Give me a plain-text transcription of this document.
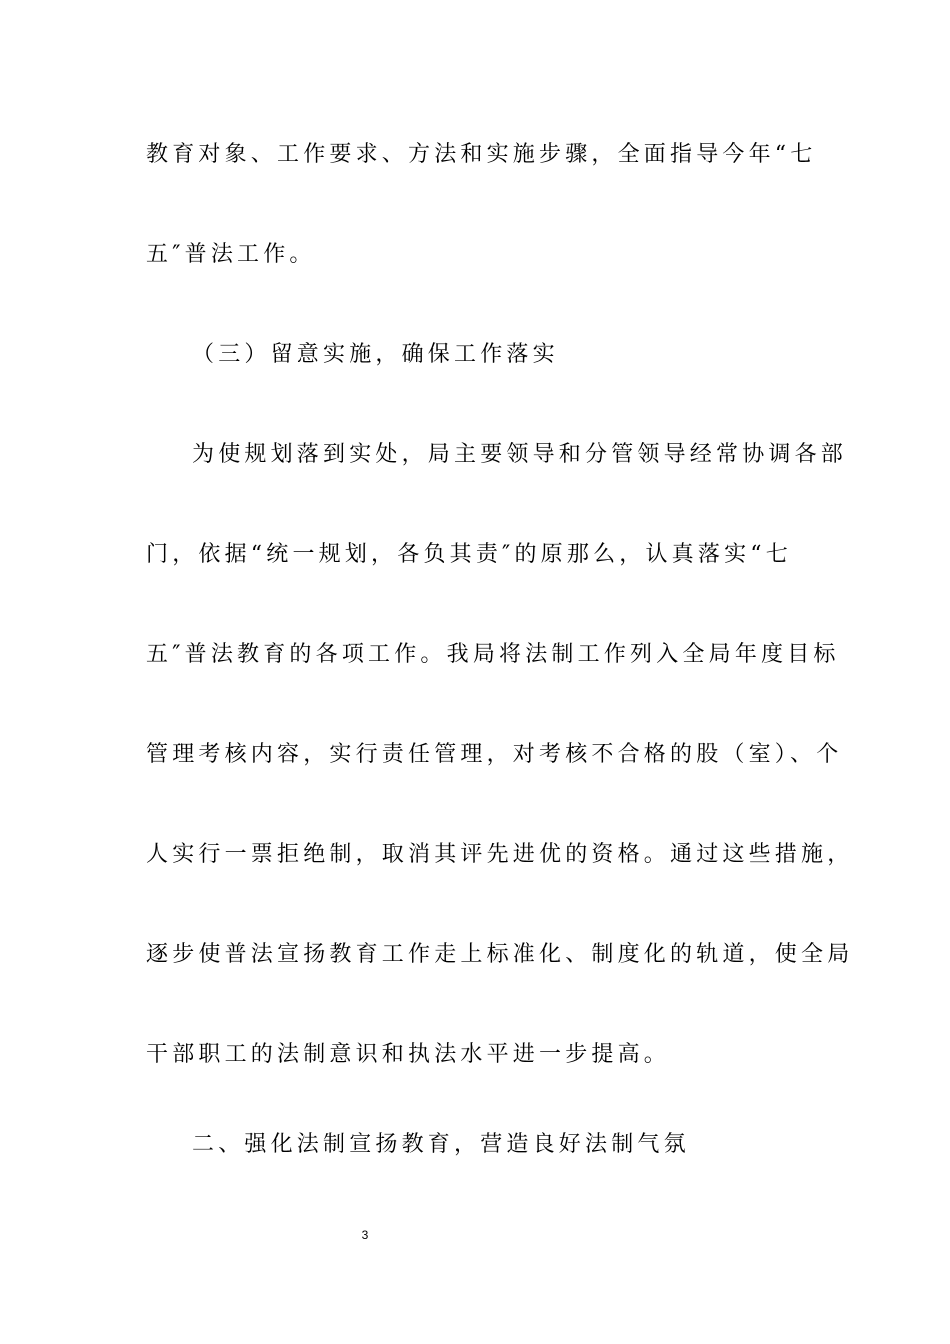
教育对象、工作要求、方法和实施步骤，全面指导今年“七
五″普法工作。
（三）留意实施，确保工作落实
为使规划落到实处，局主要领导和分管领导经常协调各部
门，依据“统一规划，各负其责″的原那么，认真落实“七
五″普法教育的各项工作。我局将法制工作列入全局年度目标
管理考核内容，实行责任管理，对考核不合格的股（室）、个
人实行一票拒绝制，取消其评先进优的资格。通过这些措施，
逐步使普法宣扬教育工作走上标准化、制度化的轨道，使全局
干部职工的法制意识和执法水平进一步提高。
二、强化法制宣扬教育，营造良好法制气氛
3
